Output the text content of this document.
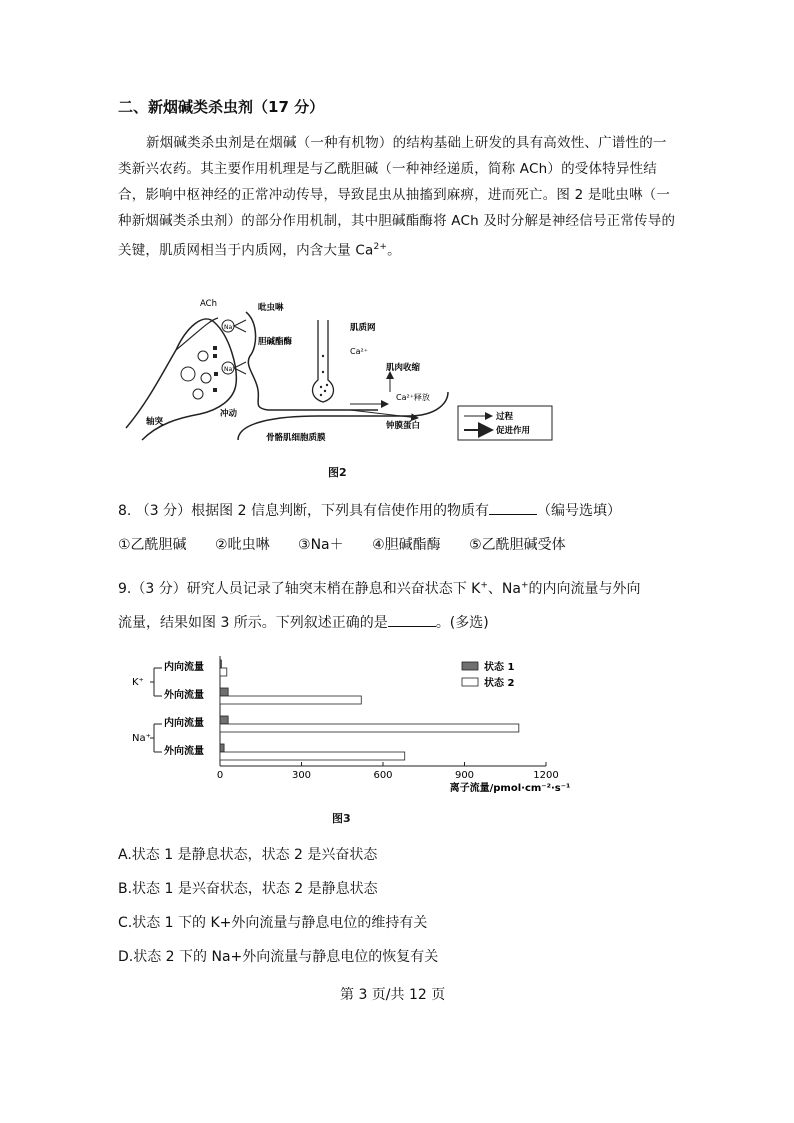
二、新烟碱类杀虫剂（17 分）
新烟碱类杀虫剂是在烟碱（一种有机物）的结构基础上研发的具有高效性、广谱性的一类新兴农药。其主要作用机理是与乙酰胆碱（一种神经递质，简称 ACh）的受体特异性结合，影响中枢神经的正常冲动传导，导致昆虫从抽搐到麻痹，进而死亡。图 2 是吡虫啉（一种新烟碱类杀虫剂）的部分作用机制，其中胆碱酯酶将 ACh 及时分解是神经信号正常传导的关键，肌质网相当于内质网，内含大量 $Ca^{2+}$。
Na⁺
Na⁺
ACh	吡虫啉
胆碱酯酶
肌质网
Ca²⁺
肌肉收缩
Ca²⁺释放
冲动
轴突	钟膜蛋白
骨骼肌细胞质膜
过程
促进作用
图2
8. （3 分）根据图 2 信息判断，下列具有信使作用的物质有	（编号选填）
①乙酰胆碱 ②吡虫啉 ③Na＋ ④胆碱酯酶 ⑤乙酰胆碱受体
9.（3 分）研究人员记录了轴突末梢在静息和兴奋状态下 K+、Na+的内向流量与外向
流量，结果如图 3 所示。下列叙述正确的是	。(多选)
0	300	600	900	1200
离子流量/pmol·cm⁻²·s⁻¹
K⁺
内向流量
外向流量
Na⁺
内向流量
外向流量
状态 1
状态 2
图3
A.状态 1 是静息状态，状态 2 是兴奋状态
B.状态 1 是兴奋状态，状态 2 是静息状态
C.状态 1 下的 K+外向流量与静息电位的维持有关
D.状态 2 下的 Na+外向流量与静息电位的恢复有关
第 3 页/共 12 页
